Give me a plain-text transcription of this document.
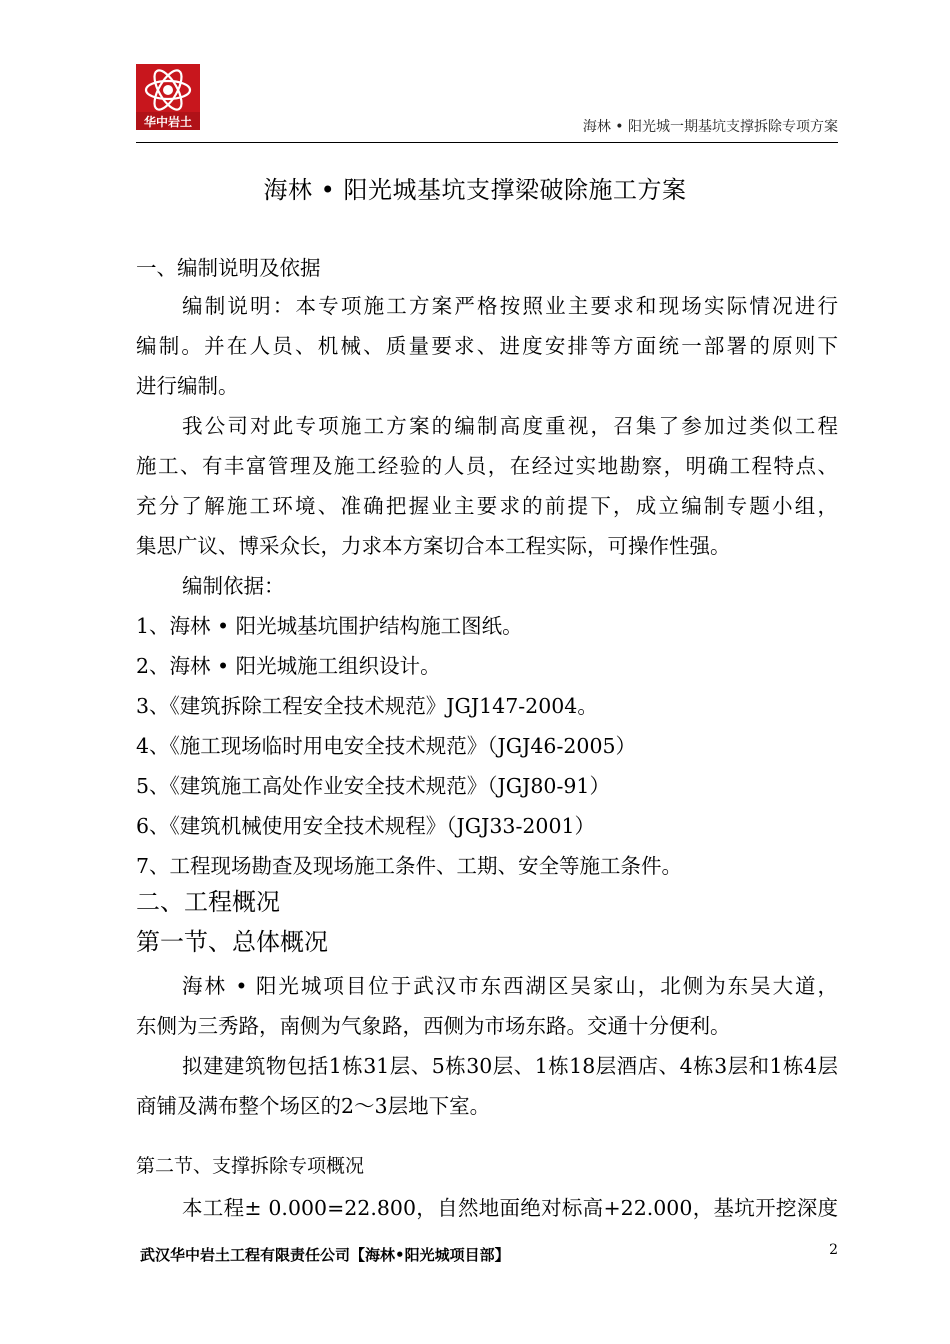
华中岩土	海林 • 阳光城一期基坑支撑拆除专项方案
海林 • 阳光城基坑支撑梁破除施工方案
一、编制说明及依据
编制说明：本专项施工方案严格按照业主要求和现场实际情况进行
编制。并在人员、机械、质量要求、进度安排等方面统一部署的原则下
进行编制。
我公司对此专项施工方案的编制高度重视，召集了参加过类似工程
施工、有丰富管理及施工经验的人员，在经过实地勘察，明确工程特点、
充分了解施工环境、准确把握业主要求的前提下，成立编制专题小组，
集思广议、博采众长，力求本方案切合本工程实际，可操作性强。
编制依据：
1、海林 • 阳光城基坑围护结构施工图纸。
2、海林 • 阳光城施工组织设计。
3、《建筑拆除工程安全技术规范》JGJ147-2004。
4、《施工现场临时用电安全技术规范》（JGJ46-2005）
5、《建筑施工高处作业安全技术规范》（JGJ80-91）
6、《建筑机械使用安全技术规程》（JGJ33-2001）
7、工程现场勘查及现场施工条件、工期、安全等施工条件。
二、工程概况
第一节、总体概况
海林 • 阳光城项目位于武汉市东西湖区吴家山，北侧为东吴大道，
东侧为三秀路，南侧为气象路，西侧为市场东路。交通十分便利。
拟建建筑物包括1栋31层、5栋30层、1栋18层酒店、4栋3层和1栋4层
商铺及满布整个场区的2～3层地下室。
第二节、支撑拆除专项概况
本工程± 0.000=22.800，自然地面绝对标高+22.000，基坑开挖深度
武汉华中岩土工程有限责任公司【海林•阳光城项目部】	2
